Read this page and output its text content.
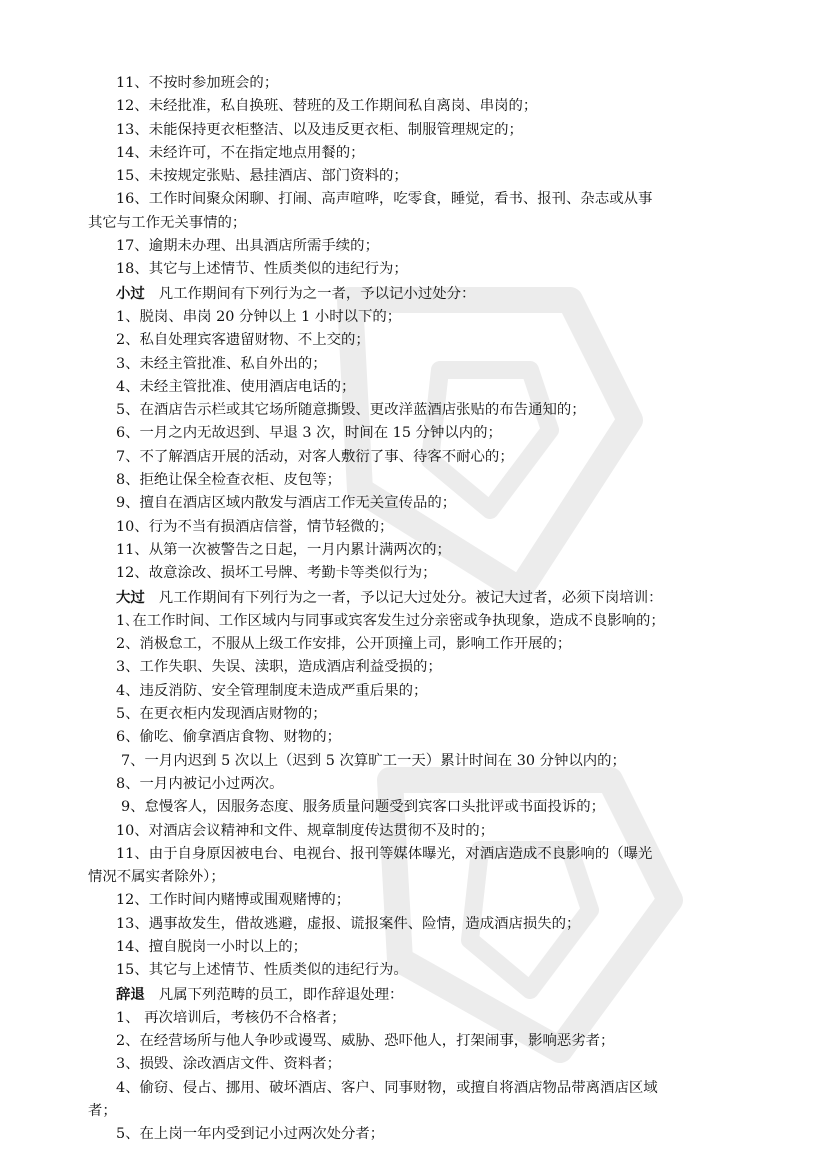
11、不按时参加班会的；
12、未经批准，私自换班、替班的及工作期间私自离岗、串岗的；
13、未能保持更衣柜整洁、以及违反更衣柜、制服管理规定的；
14、未经许可，不在指定地点用餐的；
15、未按规定张贴、悬挂酒店、部门资料的；
16、工作时间聚众闲聊、打闹、高声喧哗，吃零食，睡觉，看书、报刊、杂志或从事
其它与工作无关事情的；
17、逾期未办理、出具酒店所需手续的；
18、其它与上述情节、性质类似的违纪行为；
小过 凡工作期间有下列行为之一者，予以记小过处分：
1、脱岗、串岗 20 分钟以上 1 小时以下的；
2、私自处理宾客遗留财物、不上交的；
3、未经主管批准、私自外出的；
4、未经主管批准、使用酒店电话的；
5、在酒店告示栏或其它场所随意撕毁、更改洋蓝酒店张贴的布告通知的；
6、一月之内无故迟到、早退 3 次，时间在 15 分钟以内的；
7、不了解酒店开展的活动，对客人敷衍了事、待客不耐心的；
8、拒绝让保全检查衣柜、皮包等；
9、擅自在酒店区域内散发与酒店工作无关宣传品的；
10、行为不当有损酒店信誉，情节轻微的；
11、从第一次被警告之日起，一月内累计满两次的；
12、故意涂改、损坏工号牌、考勤卡等类似行为；
大过 凡工作期间有下列行为之一者，予以记大过处分。被记大过者，必须下岗培训：
1､在工作时间、工作区域内与同事或宾客发生过分亲密或争执现象，造成不良影响的；
2、消极怠工，不服从上级工作安排，公开顶撞上司，影响工作开展的；
3、工作失职、失误、渎职，造成酒店利益受损的；
4、违反消防、安全管理制度未造成严重后果的；
5、在更衣柜内发现酒店财物的；
6、偷吃、偷拿酒店食物、财物的；
7、一月内迟到 5 次以上（迟到 5 次算旷工一天）累计时间在 30 分钟以内的；
8、一月内被记小过两次。
9、怠慢客人，因服务态度、服务质量问题受到宾客口头批评或书面投诉的；
10、对酒店会议精神和文件、规章制度传达贯彻不及时的；
11、由于自身原因被电台、电视台、报刊等媒体曝光，对酒店造成不良影响的（曝光
情况不属实者除外）；
12、工作时间内赌博或围观赌博的；
13、遇事故发生，借故逃避，虚报、谎报案件、险情，造成酒店损失的；
14、擅自脱岗一小时以上的；
15、其它与上述情节、性质类似的违纪行为。
辞退 凡属下列范畴的员工，即作辞退处理：
1、 再次培训后，考核仍不合格者；
2、在经营场所与他人争吵或谩骂、威胁、恐吓他人，打架闹事，影响恶劣者；
3、损毁、涂改酒店文件、资料者；
4、偷窃、侵占、挪用、破坏酒店、客户、同事财物，或擅自将酒店物品带离酒店区域
者；
5、在上岗一年内受到记小过两次处分者；
